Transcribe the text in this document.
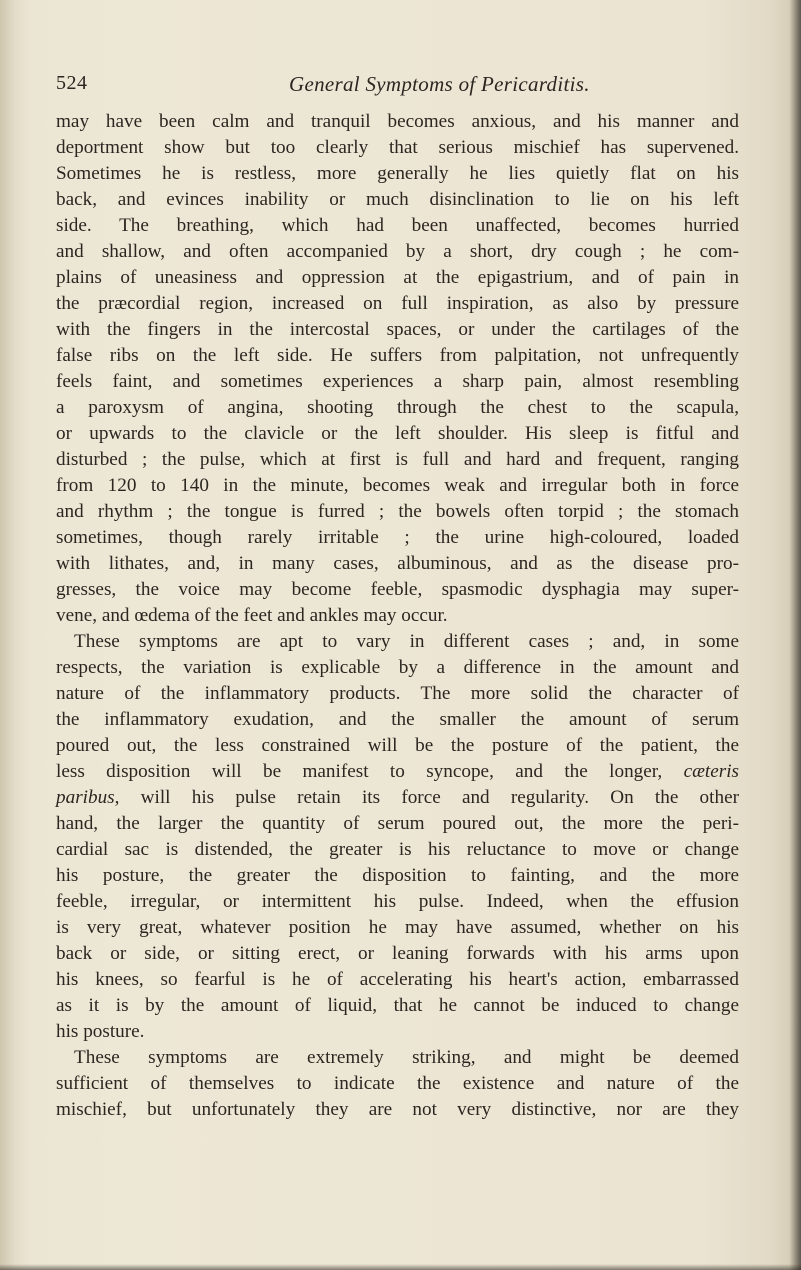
524	General Symptoms of Pericarditis.
may have been calm and tranquil becomes anxious, and his manner and
deportment show but too clearly that serious mischief has supervened.
Sometimes he is restless, more generally he lies quietly flat on his
back, and evinces inability or much disinclination to lie on his left
side. The breathing, which had been unaffected, becomes hurried
and shallow, and often accompanied by a short, dry cough ; he com-
plains of uneasiness and oppression at the epigastrium, and of pain in
the præcordial region, increased on full inspiration, as also by pressure
with the fingers in the intercostal spaces, or under the cartilages of the
false ribs on the left side. He suffers from palpitation, not unfrequently
feels faint, and sometimes experiences a sharp pain, almost resembling
a paroxysm of angina, shooting through the chest to the scapula,
or upwards to the clavicle or the left shoulder. His sleep is fitful and
disturbed ; the pulse, which at first is full and hard and frequent, ranging
from 120 to 140 in the minute, becomes weak and irregular both in force
and rhythm ; the tongue is furred ; the bowels often torpid ; the stomach
sometimes, though rarely irritable ; the urine high-coloured, loaded
with lithates, and, in many cases, albuminous, and as the disease pro-
gresses, the voice may become feeble, spasmodic dysphagia may super-
vene, and œdema of the feet and ankles may occur.
These symptoms are apt to vary in different cases ; and, in some
respects, the variation is explicable by a difference in the amount and
nature of the inflammatory products. The more solid the character of
the inflammatory exudation, and the smaller the amount of serum
poured out, the less constrained will be the posture of the patient, the
less disposition will be manifest to syncope, and the longer, cæteris
paribus, will his pulse retain its force and regularity. On the other
hand, the larger the quantity of serum poured out, the more the peri-
cardial sac is distended, the greater is his reluctance to move or change
his posture, the greater the disposition to fainting, and the more
feeble, irregular, or intermittent his pulse. Indeed, when the effusion
is very great, whatever position he may have assumed, whether on his
back or side, or sitting erect, or leaning forwards with his arms upon
his knees, so fearful is he of accelerating his heart's action, embarrassed
as it is by the amount of liquid, that he cannot be induced to change
his posture.
These symptoms are extremely striking, and might be deemed
sufficient of themselves to indicate the existence and nature of the
mischief, but unfortunately they are not very distinctive, nor are they
